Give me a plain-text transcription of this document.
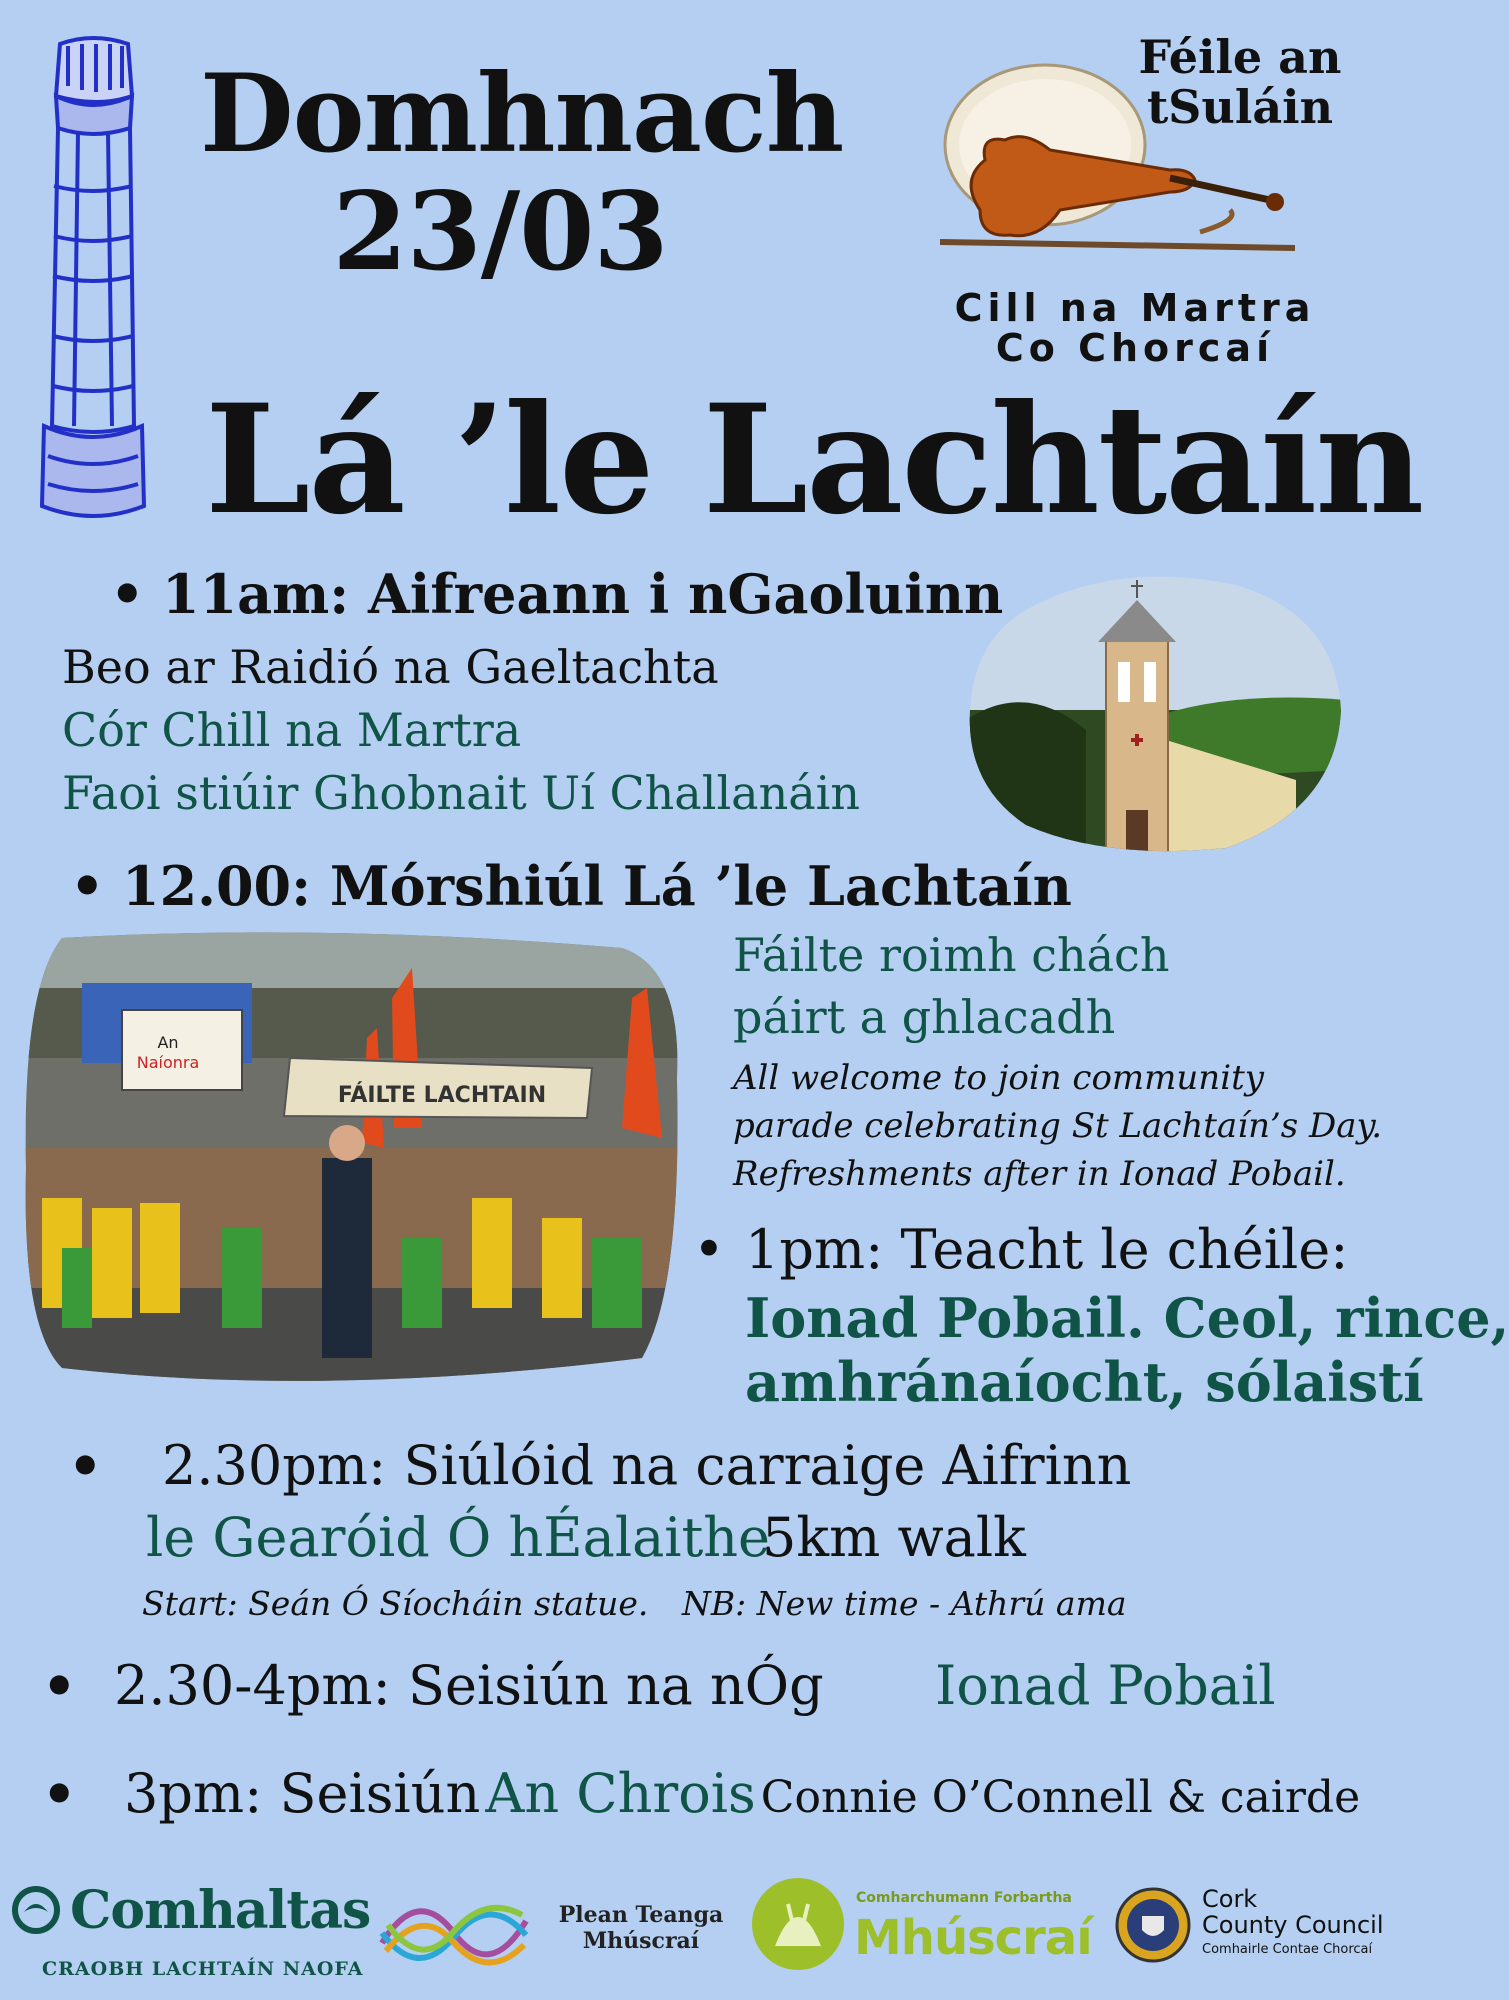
Domhnach
23/03
Féile an
tSuláin
Cill na Martra
Co Chorcaí
Lá ’le Lachtaín
• 11am: Aifreann i nGaoluinn
Beo ar Raidió na Gaeltachta
Cór Chill na Martra
Faoi stiúir Ghobnait Uí Challanáin
• 12.00: Mórshiúl Lá ’le Lachtaín
An
Naíonra
FÁILTE LACHTAIN
Fáilte roimh chách
páirt a ghlacadh
All welcome to join community
parade celebrating St Lachtaín’s Day.
Refreshments after in Ionad Pobail.
• 1pm: Teacht le chéile:
Ionad Pobail. Ceol, rince,
amhránaíocht, sólaistí
• 2.30pm: Siúlóid na carraige Aifrinn
le Gearóid Ó hÉalaithe
5km walk
Start: Seán Ó Síocháin statue. NB: New time - Athrú ama
• 2.30-4pm: Seisiún na nÓg Ionad Pobail
• 3pm: Seisiún An Chrois Connie O’Connell & cairde
Comhaltas
CRAOBH LACHTAÍN NAOFA
Plean Teanga
Mhúscraí
Comharchumann Forbartha
Mhúscraí
Cork
County Council
Comhairle Contae Chorcaí
